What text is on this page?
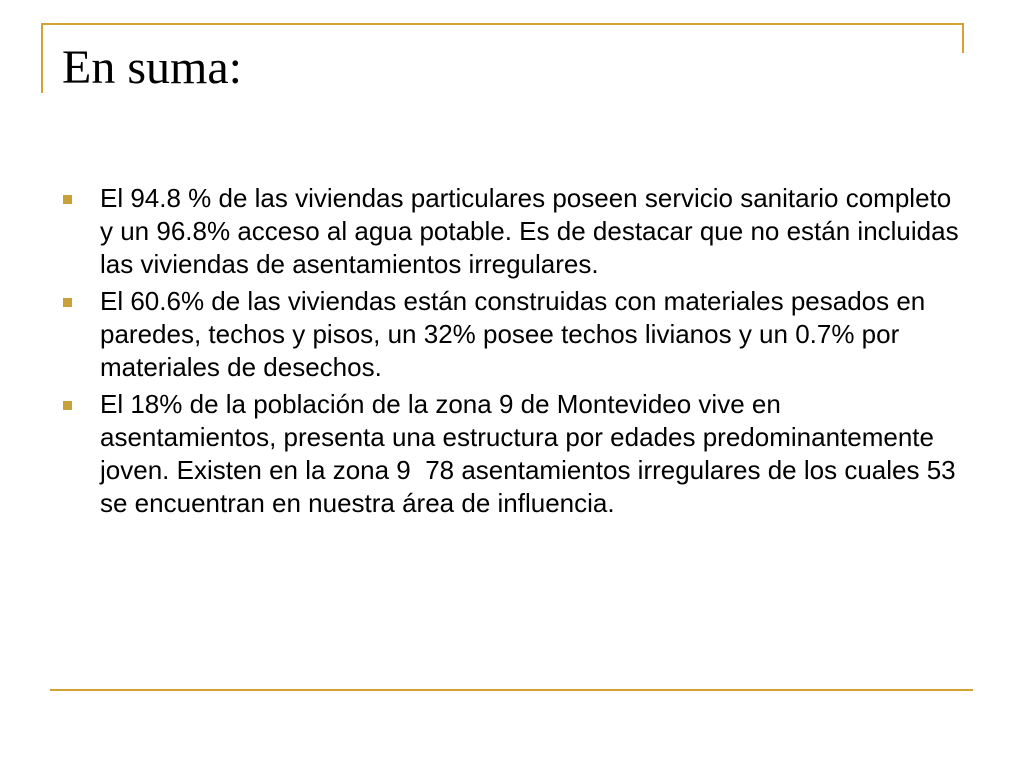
En suma:
El 94.8 % de las viviendas particulares poseen servicio sanitario completo y un 96.8% acceso al agua potable. Es de destacar que no están incluidas las viviendas de asentamientos irregulares.
El 60.6% de las viviendas están construidas con materiales pesados en paredes, techos y pisos, un 32% posee techos livianos y un 0.7% por materiales de desechos.
El 18% de la población de la zona 9 de Montevideo vive en asentamientos, presenta una estructura por edades predominantemente joven. Existen en la zona 9  78 asentamientos irregulares de los cuales 53 se encuentran en nuestra área de influencia.
